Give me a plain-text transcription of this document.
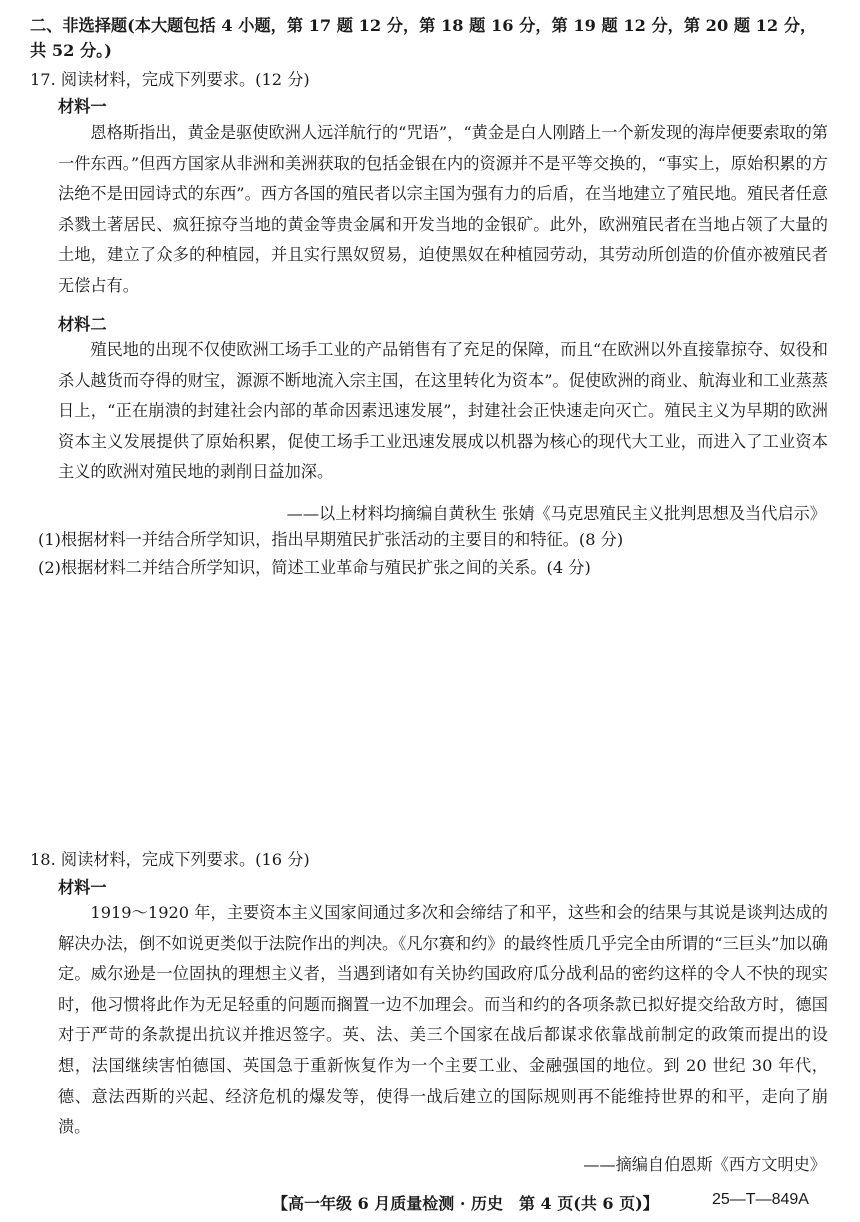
二、非选择题(本大题包括 4 小题，第 17 题 12 分，第 18 题 16 分，第 19 题 12 分，第 20 题 12 分，
共 52 分。)
17. 阅读材料，完成下列要求。(12 分)
材料一
恩格斯指出，黄金是驱使欧洲人远洋航行的“咒语”，“黄金是白人刚踏上一个新发现的海岸便要索取的第一件东西。”但西方国家从非洲和美洲获取的包括金银在内的资源并不是平等交换的，“事实上，原始积累的方法绝不是田园诗式的东西”。西方各国的殖民者以宗主国为强有力的后盾，在当地建立了殖民地。殖民者任意杀戮土著居民、疯狂掠夺当地的黄金等贵金属和开发当地的金银矿。此外，欧洲殖民者在当地占领了大量的土地，建立了众多的种植园，并且实行黑奴贸易，迫使黑奴在种植园劳动，其劳动所创造的价值亦被殖民者无偿占有。
材料二
殖民地的出现不仅使欧洲工场手工业的产品销售有了充足的保障，而且“在欧洲以外直接靠掠夺、奴役和杀人越货而夺得的财宝，源源不断地流入宗主国，在这里转化为资本”。促使欧洲的商业、航海业和工业蒸蒸日上，“正在崩溃的封建社会内部的革命因素迅速发展”，封建社会正快速走向灭亡。殖民主义为早期的欧洲资本主义发展提供了原始积累，促使工场手工业迅速发展成以机器为核心的现代大工业，而进入了工业资本主义的欧洲对殖民地的剥削日益加深。
——以上材料均摘编自黄秋生 张婧《马克思殖民主义批判思想及当代启示》
(1)根据材料一并结合所学知识，指出早期殖民扩张活动的主要目的和特征。(8 分)
(2)根据材料二并结合所学知识，简述工业革命与殖民扩张之间的关系。(4 分)
18. 阅读材料，完成下列要求。(16 分)
材料一
1919～1920 年，主要资本主义国家间通过多次和会缔结了和平，这些和会的结果与其说是谈判达成的解决办法，倒不如说更类似于法院作出的判决。《凡尔赛和约》的最终性质几乎完全由所谓的“三巨头”加以确定。威尔逊是一位固执的理想主义者，当遇到诸如有关协约国政府瓜分战利品的密约这样的令人不快的现实时，他习惯将此作为无足轻重的问题而搁置一边不加理会。而当和约的各项条款已拟好提交给敌方时，德国对于严苛的条款提出抗议并推迟签字。英、法、美三个国家在战后都谋求依靠战前制定的政策而提出的设想，法国继续害怕德国、英国急于重新恢复作为一个主要工业、金融强国的地位。到 20 世纪 30 年代，德、意法西斯的兴起、经济危机的爆发等，使得一战后建立的国际规则再不能维持世界的和平，走向了崩溃。
——摘编自伯恩斯《西方文明史》
【高一年级 6 月质量检测 · 历史　第 4 页(共 6 页)】	25—T—849A
